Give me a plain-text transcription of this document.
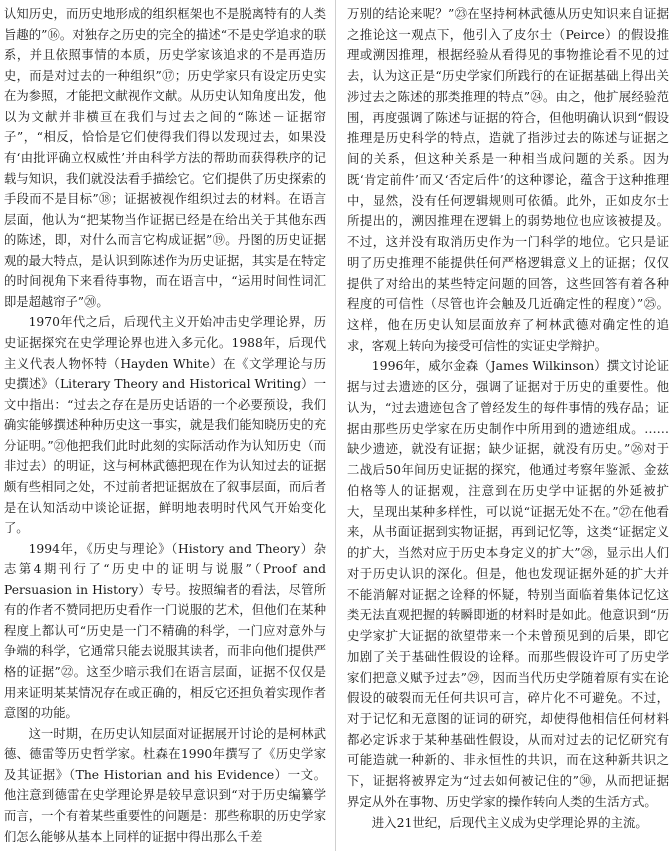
认知历史，而历史地形成的组织框架也不是脱离特有的人类旨趣的”⑯。对独存之历史的完全的描述“不是史学追求的联系，并且依照事情的本质，历史学家该追求的不是再造历史，而是对过去的一种组织”⑰；历史学家只有设定历史实在为参照，才能把文献视作文献。从历史认知角度出发，他以为文献并非横亘在我们与过去之间的“陈述－证据帘子”，“相反，恰恰是它们使得我们得以发现过去，如果没有‘由批评确立权威性’并由科学方法的帮助而获得秩序的记载与知识，我们就没法看手描绘它。它们提供了历史探索的手段而不是目标”⑱；证据被视作组织过去的材料。在语言层面，他认为“把某物当作证据已经是在给出关于其他东西的陈述，即，对什么而言它构成证据”⑲。丹图的历史证据观的最大特点，是认识到陈述作为历史证据，其实是在特定的时间视角下来看待事物，而在语言中，“运用时间性词汇即是超越帘子”⑳。

1970年代之后，后现代主义开始冲击史学理论界，历史证据探究在史学理论界也进入多元化。1988年，后现代主义代表人物怀特（Hayden White）在《文学理论与历史撰述》（Literary Theory and Historical Writing）一文中指出：“过去之存在是历史话语的一个必要预设，我们确实能够撰述种种历史这一事实，就是我们能知晓历史的充分证明。”㉑他把我们此时此刻的实际活动作为认知历史（而非过去）的明证，这与柯林武德把现在作为认知过去的证据颇有些相同之处，不过前者把证据放在了叙事层面，而后者是在认知活动中谈论证据，鲜明地表明时代风气开始变化了。

1994年，《历史与理论》（History and Theory）杂志第4期刊行了“历史中的证明与说服”（Proof and Persuasion in History）专号。按照编者的看法，尽管所有的作者不赞同把历史看作一门说服的艺术，但他们在某种程度上都认可“历史是一门不精确的科学，一门应对意外与争端的科学，它通常只能去说服其读者，而非向他们提供严格的证据”㉒。这至少暗示我们在语言层面，证据不仅仅是用来证明某某情况存在或正确的，相反它还担负着实现作者意图的功能。

这一时期，在历史认知层面对证据展开讨论的是柯林武德、德雷等历史哲学家。杜森在1990年撰写了《历史学家及其证据》（The Historian and his Evidence）一文。他注意到德雷在史学理论界是较早意识到“对于历史编纂学而言，一个有着某些重要性的问题是：那些称职的历史学家们怎么能够从基本上同样的证据中得出那么千差

万别的结论来呢？”㉓在坚持柯林武德从历史知识来自证据之推论这一观点下，他引入了皮尔士（Peirce）的假设推理或溯因推理，根据经验从看得见的事物推论看不见的过去，认为这正是“历史学家们所践行的在证据基础上得出关涉过去之陈述的那类推理的特点”㉔。由之，他扩展经验范围，再度强调了陈述与证据的符合，但他明确认识到“假设推理是历史科学的特点，造就了指涉过去的陈述与证据之间的关系，但这种关系是一种相当成问题的关系。因为既‘肯定前件’而又‘否定后件’的这种谬论，蕴含于这种推理中，显然，没有任何逻辑规则可依循。此外，正如皮尔士所提出的，溯因推理在逻辑上的弱势地位也应该被提及。不过，这并没有取消历史作为一门科学的地位。它只是证明了历史推理不能提供任何严格逻辑意义上的证据；仅仅提供了对给出的某些特定问题的回答，这些回答有着各种程度的可信性（尽管也许会触及几近确定性的程度）”㉕。这样，他在历史认知层面放弃了柯林武德对确定性的追求，客观上转向为接受可信性的实证史学辩护。

1996年，威尔金森（James Wilkinson）撰文讨论证据与过去遗迹的区分，强调了证据对于历史的重要性。他认为，“过去遗迹包含了曾经发生的每件事情的残存品；证据由那些历史学家在历史制作中所用到的遗迹组成。……缺少遗迹，就没有证据；缺少证据，就没有历史。”㉖对于二战后50年间历史证据的探究，他通过考察年鉴派、金兹伯格等人的证据观，注意到在历史学中证据的外延被扩大，呈现出某种多样性，可以说“证据无处不在。”㉗在他看来，从书面证据到实物证据，再到记忆等，这类“证据定义的扩大，当然对应于历史本身定义的扩大”㉘，显示出人们对于历史认识的深化。但是，他也发现证据外延的扩大并不能消解对证据之诠释的怀疑，特别当面临着集体记忆这类无法直观把握的转瞬即逝的材料时是如此。他意识到“历史学家扩大证据的欲望带来一个未曾预见到的后果，即它加剧了关于基础性假设的诠释。而那些假设许可了历史学家们把意义赋予过去”㉙，因而当代历史学随着原有实在论假设的破裂而无任何共识可言，碎片化不可避免。不过，对于记忆和无意图的证词的研究，却使得他相信任何材料都必定诉求于某种基础性假设，从而对过去的记忆研究有可能造就一种新的、非永恒性的共识，而在这种新共识之下，证据将被界定为“过去如何被记住的”㉚，从而把证据界定从外在事物、历史学家的操作转向人类的生活方式。

进入21世纪，后现代主义成为史学理论界的主流。
